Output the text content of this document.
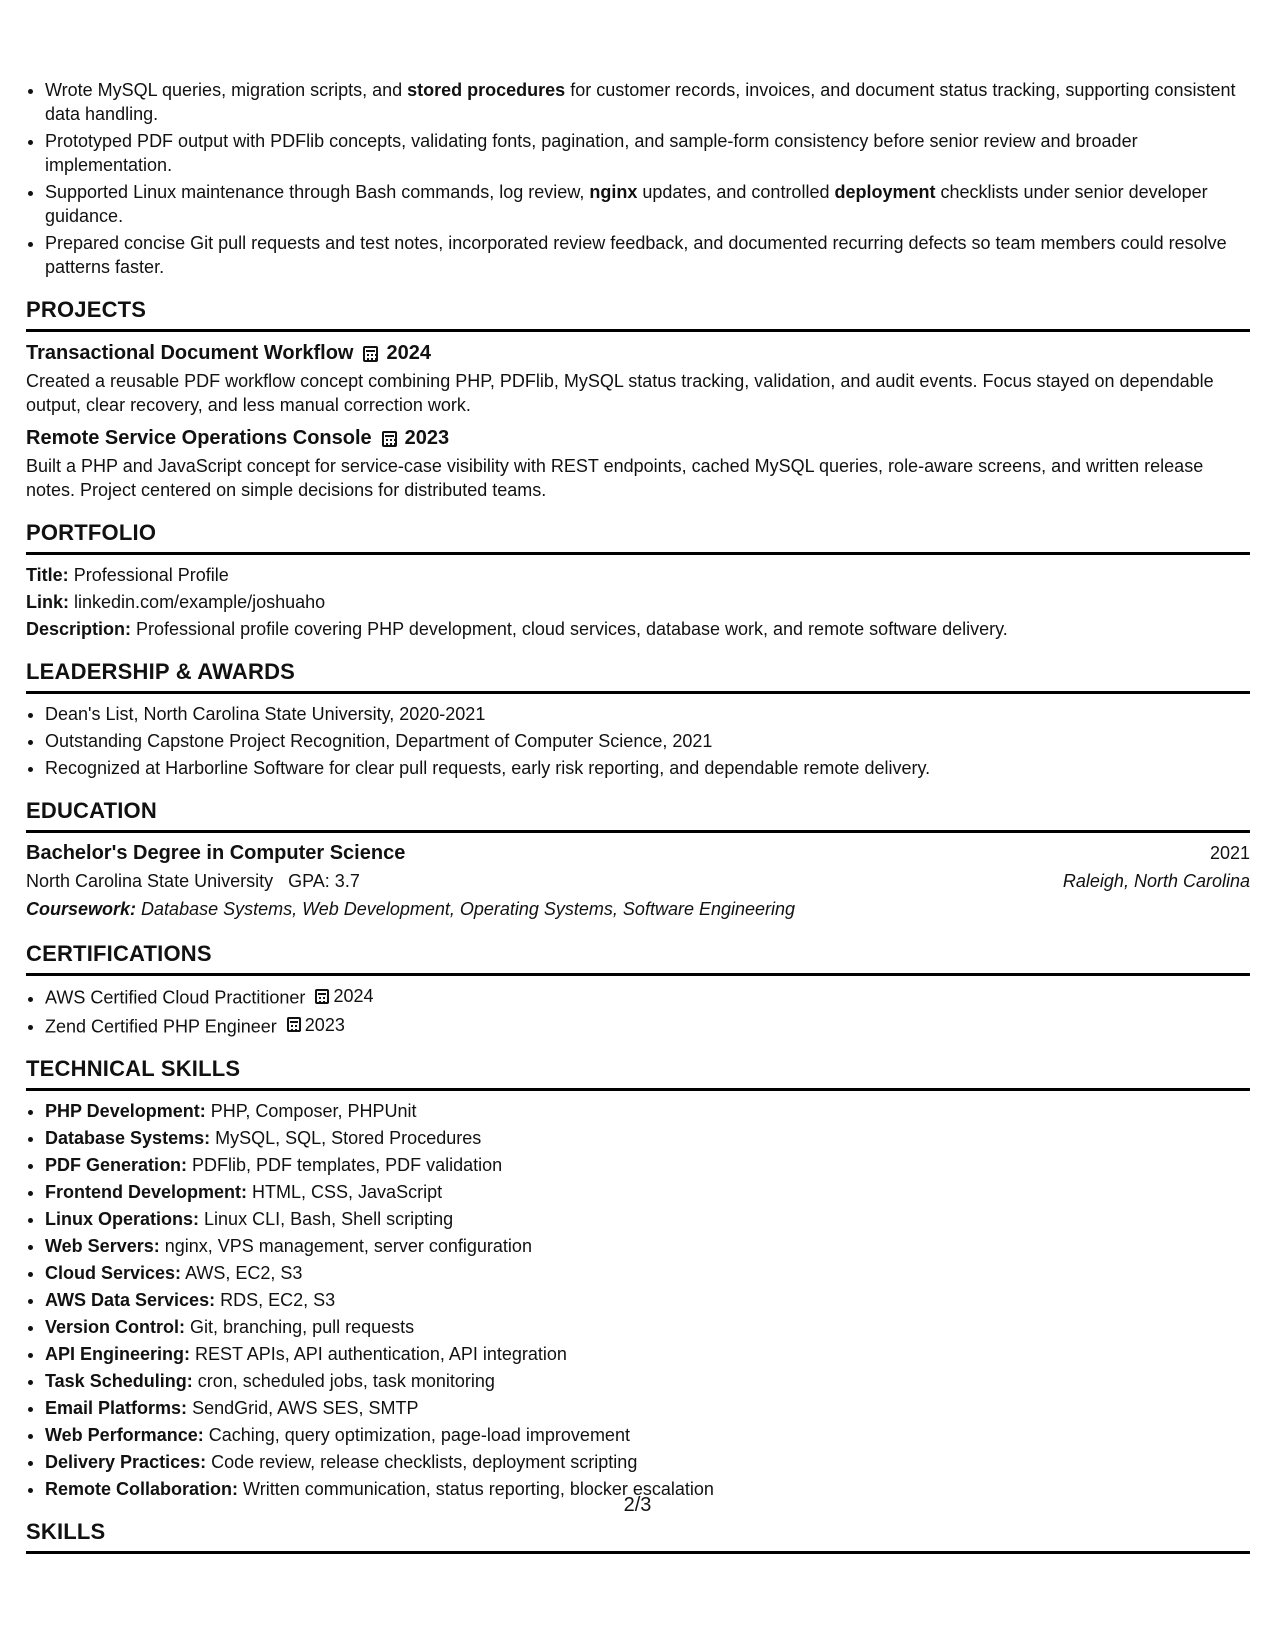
• Wrote MySQL queries, migration scripts, and stored procedures for customer records, invoices, and document status tracking, supporting consistent data handling.
• Prototyped PDF output with PDFlib concepts, validating fonts, pagination, and sample-form consistency before senior review and broader implementation.
• Supported Linux maintenance through Bash commands, log review, nginx updates, and controlled deployment checklists under senior developer guidance.
• Prepared concise Git pull requests and test notes, incorporated review feedback, and documented recurring defects so team members could resolve patterns faster.
PROJECTS
Transactional Document Workflow 2024
Created a reusable PDF workflow concept combining PHP, PDFlib, MySQL status tracking, validation, and audit events. Focus stayed on dependable output, clear recovery, and less manual correction work.
Remote Service Operations Console 2023
Built a PHP and JavaScript concept for service-case visibility with REST endpoints, cached MySQL queries, role-aware screens, and written release notes. Project centered on simple decisions for distributed teams.
PORTFOLIO
Title: Professional Profile
Link: linkedin.com/example/joshuaho
Description: Professional profile covering PHP development, cloud services, database work, and remote software delivery.
LEADERSHIP & AWARDS
• Dean's List, North Carolina State University, 2020-2021
• Outstanding Capstone Project Recognition, Department of Computer Science, 2021
• Recognized at Harborline Software for clear pull requests, early risk reporting, and dependable remote delivery.
EDUCATION
Bachelor's Degree in Computer Science	2021
North Carolina State University GPA: 3.7	Raleigh, North Carolina
Coursework: Database Systems, Web Development, Operating Systems, Software Engineering
CERTIFICATIONS
• AWS Certified Cloud Practitioner 2024
• Zend Certified PHP Engineer 2023
TECHNICAL SKILLS
• PHP Development: PHP, Composer, PHPUnit
• Database Systems: MySQL, SQL, Stored Procedures
• PDF Generation: PDFlib, PDF templates, PDF validation
• Frontend Development: HTML, CSS, JavaScript
• Linux Operations: Linux CLI, Bash, Shell scripting
• Web Servers: nginx, VPS management, server configuration
• Cloud Services: AWS, EC2, S3
• AWS Data Services: RDS, EC2, S3
• Version Control: Git, branching, pull requests
• API Engineering: REST APIs, API authentication, API integration
• Task Scheduling: cron, scheduled jobs, task monitoring
• Email Platforms: SendGrid, AWS SES, SMTP
• Web Performance: Caching, query optimization, page-load improvement
• Delivery Practices: Code review, release checklists, deployment scripting
• Remote Collaboration: Written communication, status reporting, blocker escalation
SKILLS
2/3
